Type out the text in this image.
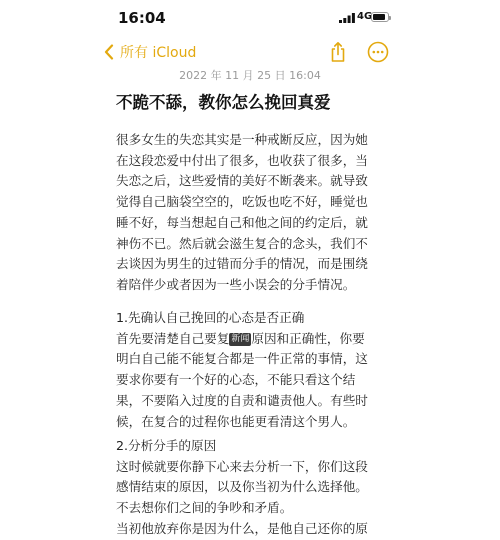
16:04	4G
所有 iCloud
2022 年 11 月 25 日 16:04
不跪不舔，教你怎么挽回真爱
很多女生的失恋其实是一种戒断反应，因为她
在这段恋爱中付出了很多，也收获了很多，当
失恋之后，这些爱情的美好不断袭来。就导致
觉得自己脑袋空空的，吃饭也吃不好，睡觉也
睡不好，每当想起自己和他之间的约定后，就
神伤不已。然后就会滋生复合的念头，我们不
去谈因为男生的过错而分手的情况，而是围绕
着陪伴少或者因为一些小误会的分手情况。
1.先确认自己挽回的心态是否正确
首先要清楚自己要复 新闻 原因和正确性，你要
明白自己能不能复合都是一件正常的事情，这
要求你要有一个好的心态，不能只看这个结
果，不要陷入过度的自责和谴责他人。有些时
候，在复合的过程你也能更看清这个男人。
2.分析分手的原因
这时候就要你静下心来去分析一下，你们这段
感情结束的原因，以及你当初为什么选择他。
不去想你们之间的争吵和矛盾。
当初他放弃你是因为什么，是他自己还你的原
